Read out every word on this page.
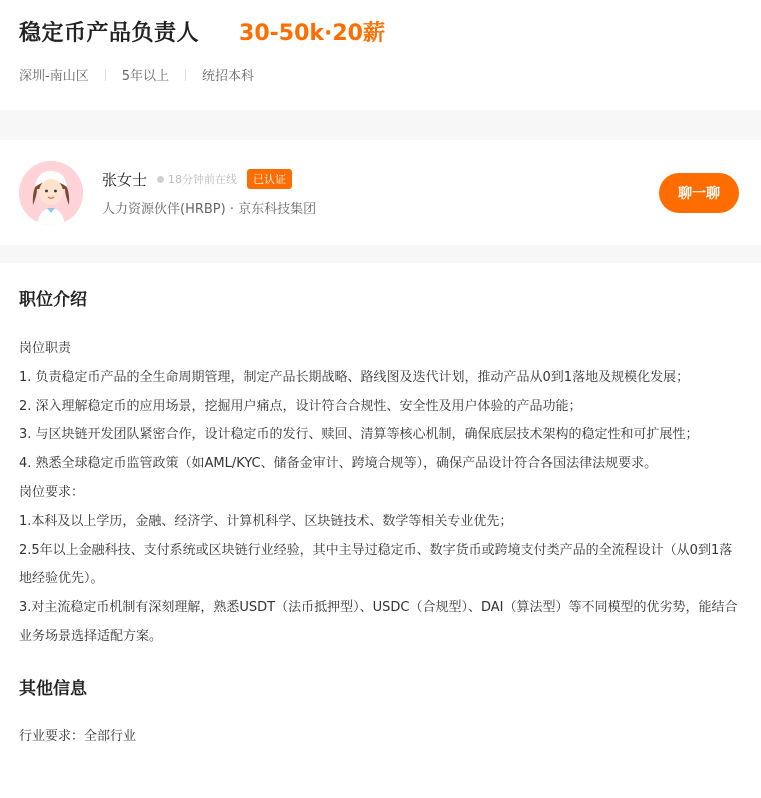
稳定币产品负责人 30-50k·20薪
深圳-南山区	5年以上	统招本科
张女士 18分钟前在线	已认证
人力资源伙伴(HRBP) · 京东科技集团
聊一聊
职位介绍

岗位职责

1. 负责稳定币产品的全生命周期管理，制定产品长期战略、路线图及迭代计划，推动产品从0到1落地及规模化发展；

2. 深入理解稳定币的应用场景，挖掘用户痛点，设计符合合规性、安全性及用户体验的产品功能；

3. 与区块链开发团队紧密合作，设计稳定币的发行、赎回、清算等核心机制，确保底层技术架构的稳定性和可扩展性；

4. 熟悉全球稳定币监管政策（如AML/KYC、储备金审计、跨境合规等），确保产品设计符合各国法律法规要求。

岗位要求：

1.本科及以上学历，金融、经济学、计算机科学、区块链技术、数学等相关专业优先；

2.5年以上金融科技、支付系统或区块链行业经验，其中主导过稳定币、数字货币或跨境支付类产品的全流程设计（从0到1落地经验优先）。

3.对主流稳定币机制有深刻理解，熟悉USDT（法币抵押型）、USDC（合规型）、DAI（算法型）等不同模型的优劣势，能结合业务场景选择适配方案。

其他信息
行业要求：全部行业
